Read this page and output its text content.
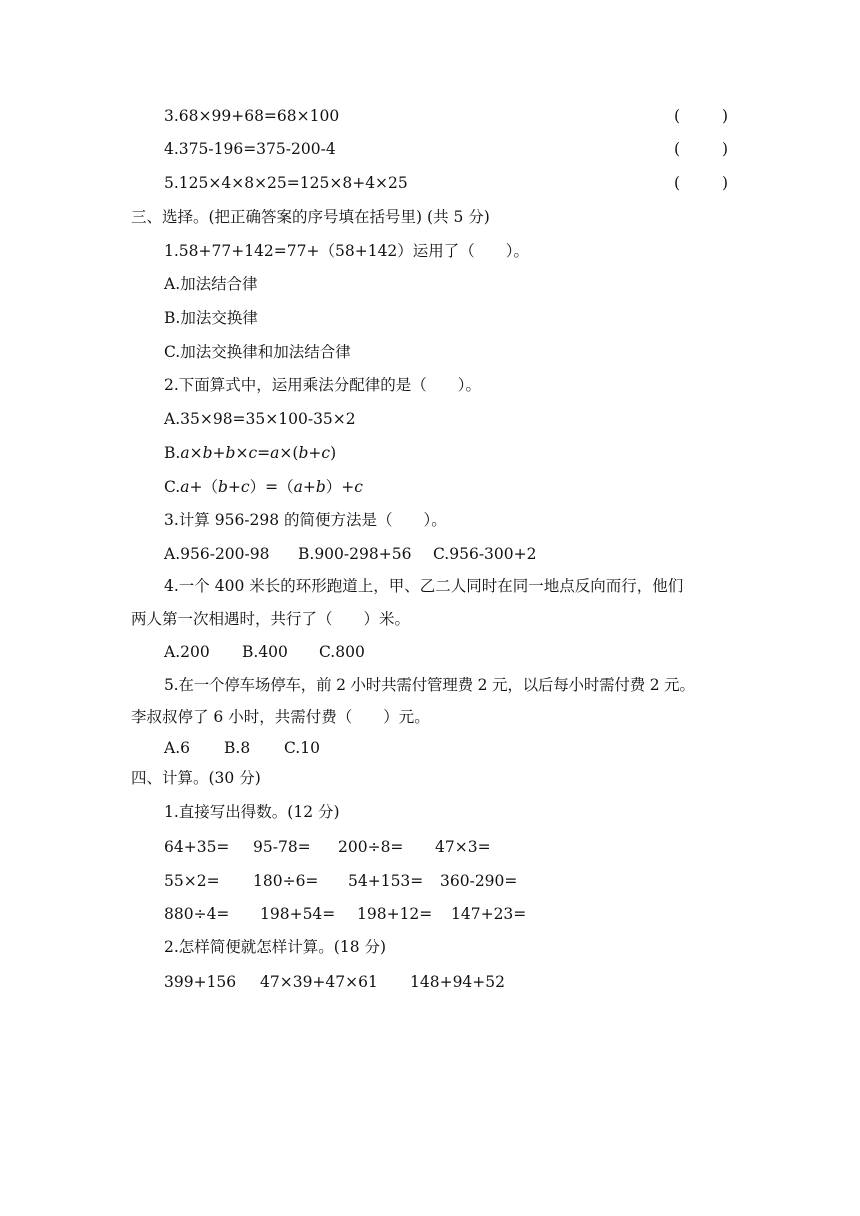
3.68×99+68=68×100	(	)
4.375-196=375-200-4	(	)
5.125×4×8×25=125×8+4×25	(	)
三、选择。(把正确答案的序号填在括号里) (共 5 分)
1.58+77+142=77+（58+142）运用了（　　）。
A.加法结合律
B.加法交换律
C.加法交换律和加法结合律
2.下面算式中，运用乘法分配律的是（　　）。
A.35×98=35×100-35×2
B.a×b+b×c=a×(b+c)
C.a+（b+c）=（a+b）+c
3.计算 956-298 的简便方法是（　　）。
A.956-200-98	B.900-298+56	C.956-300+2
4.一个 400 米长的环形跑道上，甲、乙二人同时在同一地点反向而行，他们
两人第一次相遇时，共行了（　　）米。
A.200	B.400	C.800
5.在一个停车场停车，前 2 小时共需付管理费 2 元，以后每小时需付费 2 元。
李叔叔停了 6 小时，共需付费（　　）元。
A.6	B.8	C.10
四、计算。(30 分)
1.直接写出得数。(12 分)
64+35=	95-78=	200÷8=	47×3=
55×2=	180÷6=	54+153=	360-290=
880÷4=	198+54=	198+12=	147+23=
2.怎样简便就怎样计算。(18 分)
399+156	47×39+47×61	148+94+52
